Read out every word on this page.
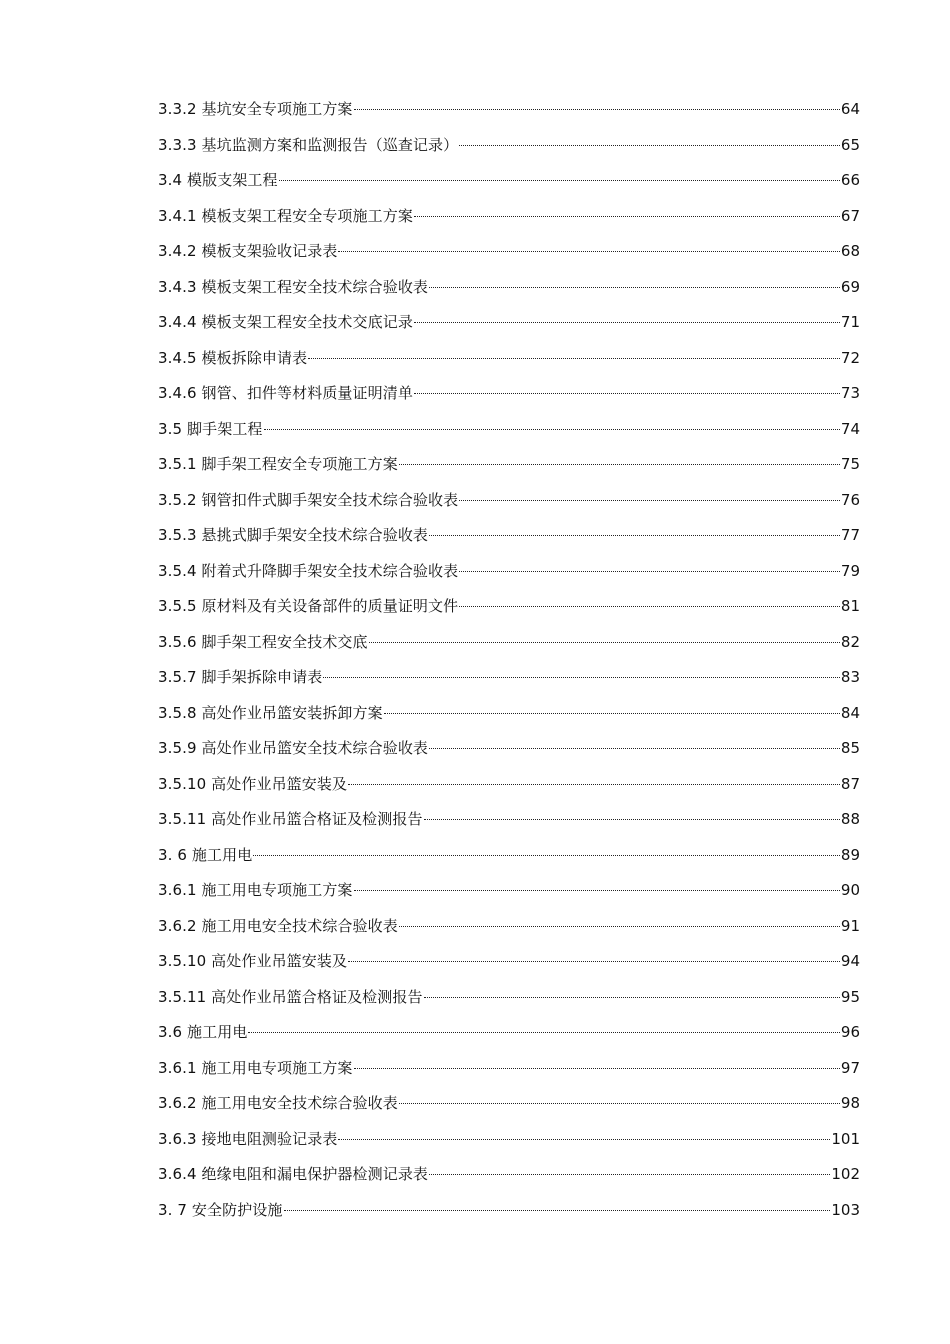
3.3.2 基坑安全专项施工方案	64
3.3.3 基坑监测方案和监测报告（巡查记录）	65
3.4 模版支架工程	66
3.4.1 模板支架工程安全专项施工方案	67
3.4.2 模板支架验收记录表	68
3.4.3 模板支架工程安全技术综合验收表	69
3.4.4 模板支架工程安全技术交底记录	71
3.4.5 模板拆除申请表	72
3.4.6 钢管、扣件等材料质量证明清单	73
3.5 脚手架工程	74
3.5.1 脚手架工程安全专项施工方案	75
3.5.2 钢管扣件式脚手架安全技术综合验收表	76
3.5.3 悬挑式脚手架安全技术综合验收表	77
3.5.4 附着式升降脚手架安全技术综合验收表	79
3.5.5 原材料及有关设备部件的质量证明文件	81
3.5.6 脚手架工程安全技术交底	82
3.5.7 脚手架拆除申请表	83
3.5.8 高处作业吊篮安装拆卸方案	84
3.5.9 高处作业吊篮安全技术综合验收表	85
3.5.10 高处作业吊篮安装及	87
3.5.11 高处作业吊篮合格证及检测报告	88
3. 6 施工用电	89
3.6.1 施工用电专项施工方案	90
3.6.2 施工用电安全技术综合验收表	91
3.5.10 高处作业吊篮安装及	94
3.5.11 高处作业吊篮合格证及检测报告	95
3.6 施工用电	96
3.6.1 施工用电专项施工方案	97
3.6.2 施工用电安全技术综合验收表	98
3.6.3 接地电阻测验记录表	101
3.6.4 绝缘电阻和漏电保护器检测记录表	102
3. 7 安全防护设施	103
